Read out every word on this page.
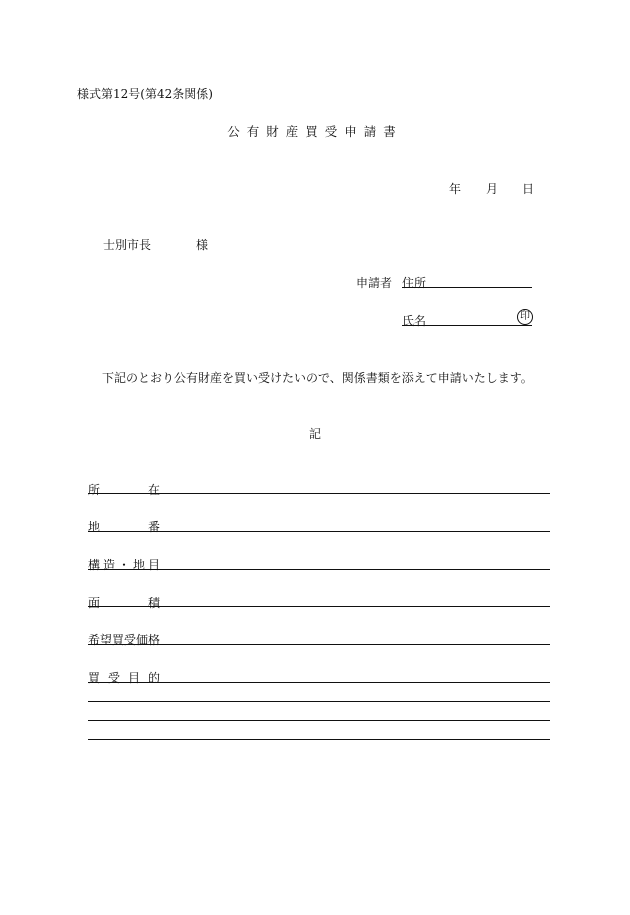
様式第12号(第42条関係)
公有財産買受申請書
年 月 日
士別市長	様
申請者 住所
氏名	印
下記のとおり公有財産を買い受けたいので、関係書類を添えて申請いたします。
記
所在
地番
構造・地目
面積
希望買受価格
買受目的
